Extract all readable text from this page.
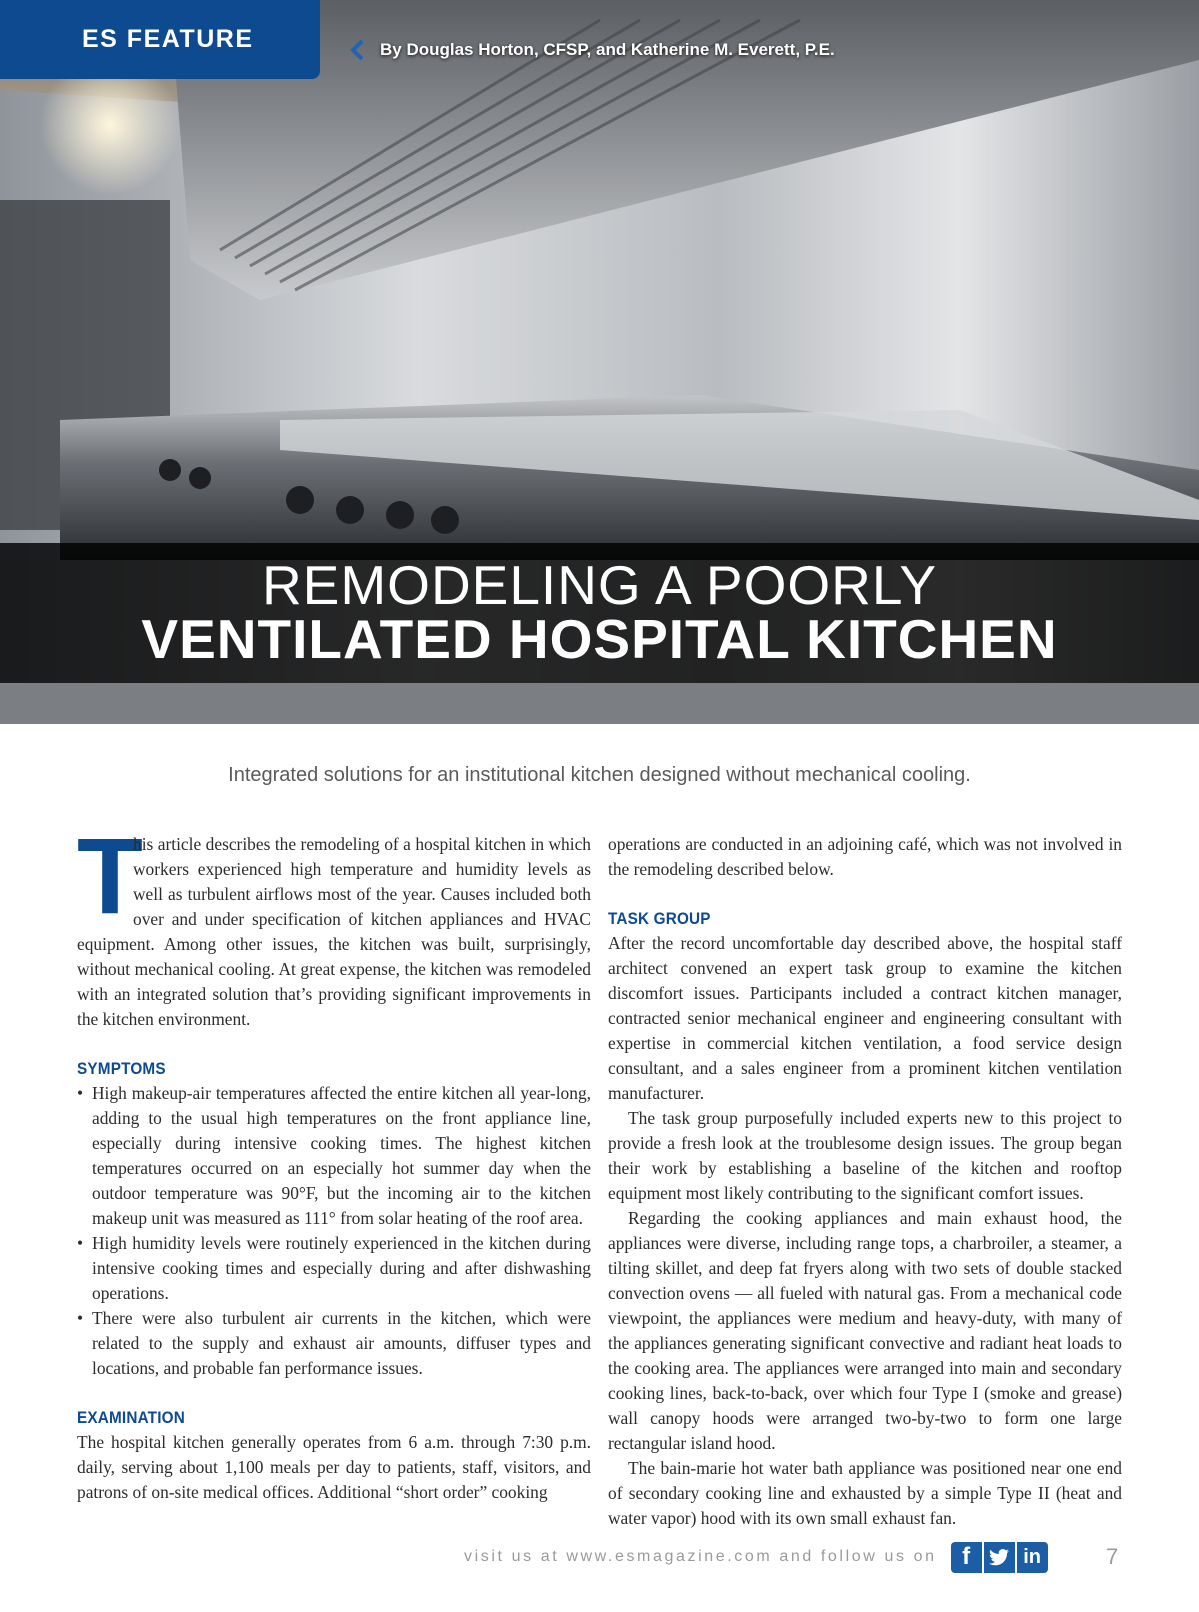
ES FEATURE	By Douglas Horton, CFSP, and Katherine M. Everett, P.E.
REMODELING A POORLY
VENTILATED HOSPITAL KITCHEN

Integrated solutions for an institutional kitchen designed without mechanical cooling.

T
his article describes the remodeling of a hospital kitchen in which workers experienced high temperature and humidity levels as well as turbulent airflows most of the year. Causes included both over and under specification of kitchen appliances and HVAC equipment. Among other issues, the kitchen was built, surprisingly, without mechanical cooling. At great expense, the kitchen was remodeled with an integrated solution that’s providing significant improvements in the kitchen environment.

SYMPTOMS
• High makeup-air temperatures affected the entire kitchen all year-long, adding to the usual high temperatures on the front appliance line, especially during intensive cooking times. The highest kitchen temperatures occurred on an especially hot summer day when the outdoor temperature was 90°F, but the incoming air to the kitchen makeup unit was measured as 111° from solar heating of the roof area.
• High humidity levels were routinely experienced in the kitchen during intensive cooking times and especially during and after dishwashing operations.
• There were also turbulent air currents in the kitchen, which were related to the supply and exhaust air amounts, diffuser types and locations, and probable fan performance issues.
EXAMINATION

The hospital kitchen generally operates from 6 a.m. through 7:30 p.m. daily, serving about 1,100 meals per day to patients, staff, visitors, and patrons of on-site medical offices. Additional “short order” cooking

operations are conducted in an adjoining café, which was not involved in the remodeling described below.

TASK GROUP

After the record uncomfortable day described above, the hospital staff architect convened an expert task group to examine the kitchen discomfort issues. Participants included a contract kitchen manager, contracted senior mechanical engineer and engineering consultant with expertise in commercial kitchen ventilation, a food service design consultant, and a sales engineer from a prominent kitchen ventilation manufacturer.

The task group purposefully included experts new to this project to provide a fresh look at the troublesome design issues. The group began their work by establishing a baseline of the kitchen and rooftop equipment most likely contributing to the significant comfort issues.

Regarding the cooking appliances and main exhaust hood, the appliances were diverse, including range tops, a charbroiler, a steamer, a tilting skillet, and deep fat fryers along with two sets of double stacked convection ovens — all fueled with natural gas. From a mechanical code viewpoint, the appliances were medium and heavy-duty, with many of the appliances generating significant convective and radiant heat loads to the cooking area. The appliances were arranged into main and secondary cooking lines, back-to-back, over which four Type I (smoke and grease) wall canopy hoods were arranged two-by-two to form one large rectangular island hood.

The bain-marie hot water bath appliance was positioned near one end of secondary cooking line and exhausted by a simple Type II (heat and water vapor) hood with its own small exhaust fan.

visit us at www.esmagazine.com and follow us on	f	in	7
